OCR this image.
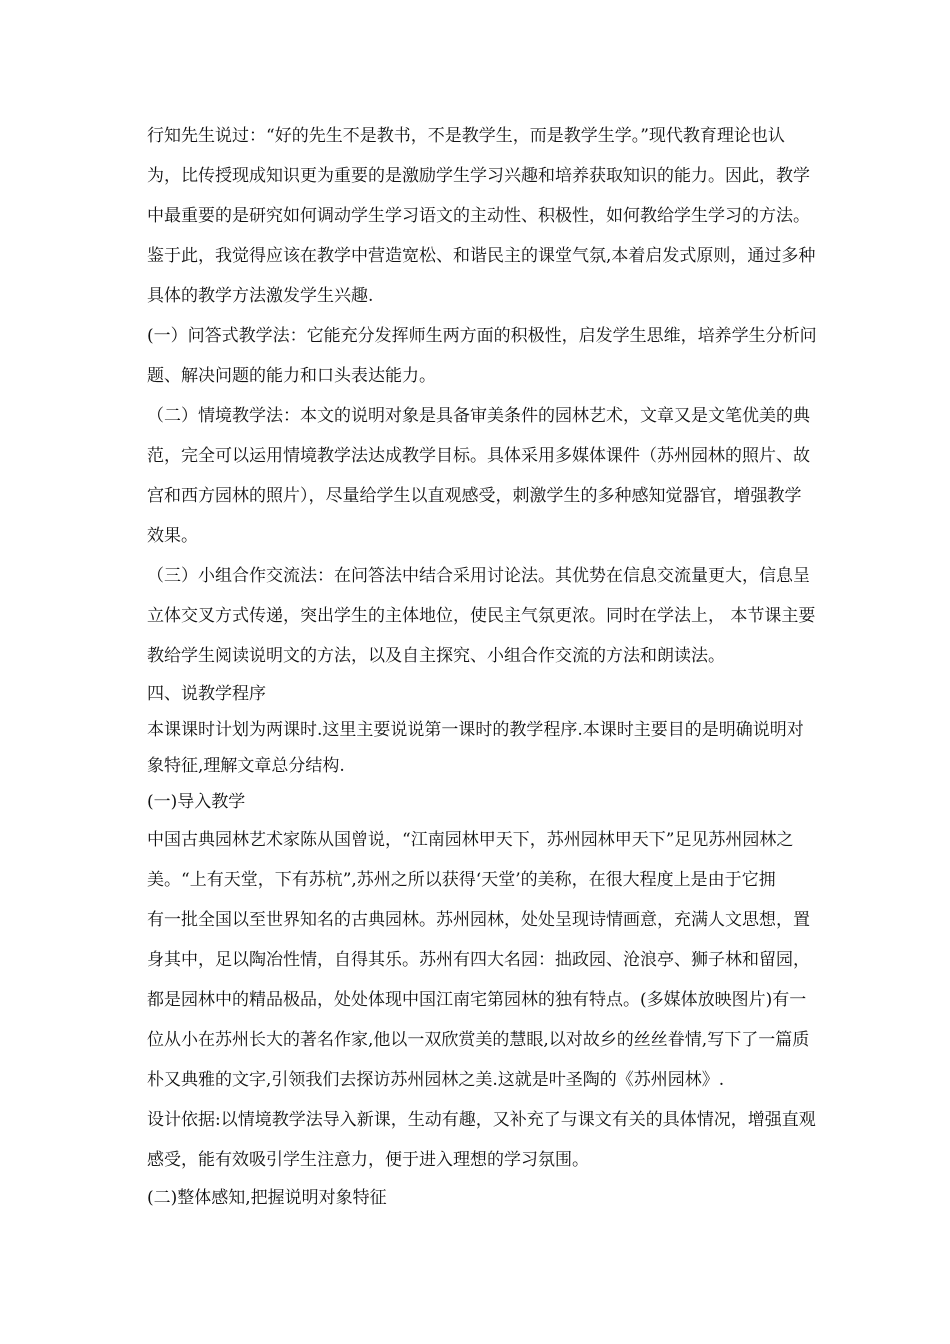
行知先生说过：“好的先生不是教书，不是教学生，而是教学生学。”现代教育理论也认
为，比传授现成知识更为重要的是激励学生学习兴趣和培养获取知识的能力。因此，教学
中最重要的是研究如何调动学生学习语文的主动性、积极性，如何教给学生学习的方法。
鉴于此，我觉得应该在教学中营造宽松、和谐民主的课堂气氛,本着启发式原则，通过多种
具体的教学方法激发学生兴趣.
(一）问答式教学法：它能充分发挥师生两方面的积极性，启发学生思维，培养学生分析问
题、解决问题的能力和口头表达能力。
（二）情境教学法：本文的说明对象是具备审美条件的园林艺术，文章又是文笔优美的典
范，完全可以运用情境教学法达成教学目标。具体采用多媒体课件（苏州园林的照片、故
宫和西方园林的照片），尽量给学生以直观感受，刺激学生的多种感知觉器官，增强教学
效果。
（三）小组合作交流法：在问答法中结合采用讨论法。其优势在信息交流量更大，信息呈
立体交叉方式传递，突出学生的主体地位，使民主气氛更浓。同时在学法上， 本节课主要
教给学生阅读说明文的方法，以及自主探究、小组合作交流的方法和朗读法。
四、说教学程序
本课课时计划为两课时.这里主要说说第一课时的教学程序.本课时主要目的是明确说明对
象特征,理解文章总分结构.
(一)导入教学
中国古典园林艺术家陈从国曾说，“江南园林甲天下，苏州园林甲天下”足见苏州园林之
美。“上有天堂，下有苏杭”,苏州之所以获得‘天堂’的美称，在很大程度上是由于它拥
有一批全国以至世界知名的古典园林。苏州园林，处处呈现诗情画意，充满人文思想，置
身其中，足以陶冶性情，自得其乐。苏州有四大名园：拙政园、沧浪亭、狮子林和留园，
都是园林中的精品极品，处处体现中国江南宅第园林的独有特点。(多媒体放映图片)有一
位从小在苏州长大的著名作家,他以一双欣赏美的慧眼,以对故乡的丝丝眷情,写下了一篇质
朴又典雅的文字,引领我们去探访苏州园林之美.这就是叶圣陶的《苏州园林》.
设计依据:以情境教学法导入新课，生动有趣，又补充了与课文有关的具体情况，增强直观
感受，能有效吸引学生注意力，便于进入理想的学习氛围。
(二)整体感知,把握说明对象特征
